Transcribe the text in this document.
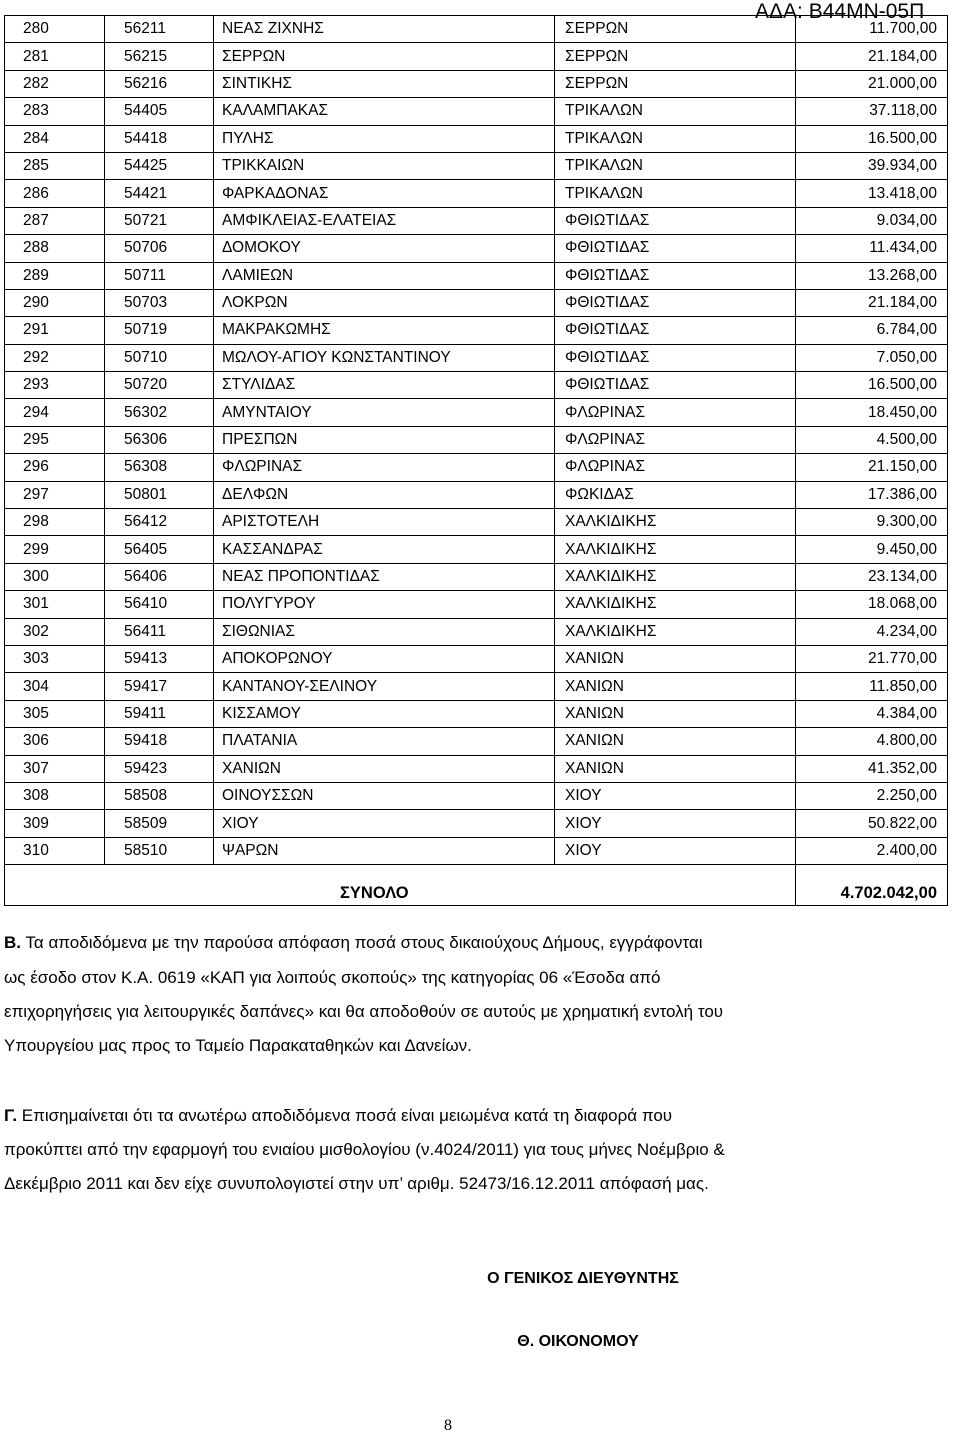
ΑΔΑ: Β44ΜΝ-05Π
280	56211	ΝΕΑΣ ΖΙΧΝΗΣ	ΣΕΡΡΩΝ	11.700,00
281	56215	ΣΕΡΡΩΝ	ΣΕΡΡΩΝ	21.184,00
282	56216	ΣΙΝΤΙΚΗΣ	ΣΕΡΡΩΝ	21.000,00
283	54405	ΚΑΛΑΜΠΑΚΑΣ	ΤΡΙΚΑΛΩΝ	37.118,00
284	54418	ΠΥΛΗΣ	ΤΡΙΚΑΛΩΝ	16.500,00
285	54425	ΤΡΙΚΚΑΙΩΝ	ΤΡΙΚΑΛΩΝ	39.934,00
286	54421	ΦΑΡΚΑΔΟΝΑΣ	ΤΡΙΚΑΛΩΝ	13.418,00
287	50721	ΑΜΦΙΚΛΕΙΑΣ-ΕΛΑΤΕΙΑΣ	ΦΘΙΩΤΙΔΑΣ	9.034,00
288	50706	ΔΟΜΟΚΟΥ	ΦΘΙΩΤΙΔΑΣ	11.434,00
289	50711	ΛΑΜΙΕΩΝ	ΦΘΙΩΤΙΔΑΣ	13.268,00
290	50703	ΛΟΚΡΩΝ	ΦΘΙΩΤΙΔΑΣ	21.184,00
291	50719	ΜΑΚΡΑΚΩΜΗΣ	ΦΘΙΩΤΙΔΑΣ	6.784,00
292	50710	ΜΩΛΟΥ-ΑΓΙΟΥ ΚΩΝΣΤΑΝΤΙΝΟΥ	ΦΘΙΩΤΙΔΑΣ	7.050,00
293	50720	ΣΤΥΛΙΔΑΣ	ΦΘΙΩΤΙΔΑΣ	16.500,00
294	56302	ΑΜΥΝΤΑΙΟΥ	ΦΛΩΡΙΝΑΣ	18.450,00
295	56306	ΠΡΕΣΠΩΝ	ΦΛΩΡΙΝΑΣ	4.500,00
296	56308	ΦΛΩΡΙΝΑΣ	ΦΛΩΡΙΝΑΣ	21.150,00
297	50801	ΔΕΛΦΩΝ	ΦΩΚΙΔΑΣ	17.386,00
298	56412	ΑΡΙΣΤΟΤΕΛΗ	ΧΑΛΚΙΔΙΚΗΣ	9.300,00
299	56405	ΚΑΣΣΑΝΔΡΑΣ	ΧΑΛΚΙΔΙΚΗΣ	9.450,00
300	56406	ΝΕΑΣ ΠΡΟΠΟΝΤΙΔΑΣ	ΧΑΛΚΙΔΙΚΗΣ	23.134,00
301	56410	ΠΟΛΥΓΥΡΟΥ	ΧΑΛΚΙΔΙΚΗΣ	18.068,00
302	56411	ΣΙΘΩΝΙΑΣ	ΧΑΛΚΙΔΙΚΗΣ	4.234,00
303	59413	ΑΠΟΚΟΡΩΝΟΥ	ΧΑΝΙΩΝ	21.770,00
304	59417	ΚΑΝΤΑΝΟΥ-ΣΕΛΙΝΟΥ	ΧΑΝΙΩΝ	11.850,00
305	59411	ΚΙΣΣΑΜΟΥ	ΧΑΝΙΩΝ	4.384,00
306	59418	ΠΛΑΤΑΝΙΑ	ΧΑΝΙΩΝ	4.800,00
307	59423	ΧΑΝΙΩΝ	ΧΑΝΙΩΝ	41.352,00
308	58508	ΟΙΝΟΥΣΣΩΝ	ΧΙΟΥ	2.250,00
309	58509	ΧΙΟΥ	ΧΙΟΥ	50.822,00
310	58510	ΨΑΡΩΝ	ΧΙΟΥ	2.400,00
ΣΥΝΟΛΟ				4.702.042,00
Β. Τα αποδιδόμενα με την παρούσα απόφαση ποσά στους δικαιούχους Δήμους, εγγράφονται
ως έσοδο στον Κ.Α. 0619 «ΚΑΠ για λοιπούς σκοπούς» της κατηγορίας 06 «Έσοδα από
επιχορηγήσεις για λειτουργικές δαπάνες» και θα αποδοθούν σε αυτούς με χρηματική εντολή του
Υπουργείου μας προς το Ταμείο Παρακαταθηκών και Δανείων.
Γ. Επισημαίνεται ότι τα ανωτέρω αποδιδόμενα ποσά είναι μειωμένα κατά τη διαφορά που
προκύπτει από την εφαρμογή του ενιαίου μισθολογίου (ν.4024/2011) για τους μήνες Νοέμβριο &
Δεκέμβριο 2011 και δεν είχε συνυπολογιστεί στην υπ’ αριθμ. 52473/16.12.2011 απόφασή μας.
Ο ΓΕΝΙΚΟΣ ΔΙΕΥΘΥΝΤΗΣ
Θ. ΟΙΚΟΝΟΜΟΥ
8
